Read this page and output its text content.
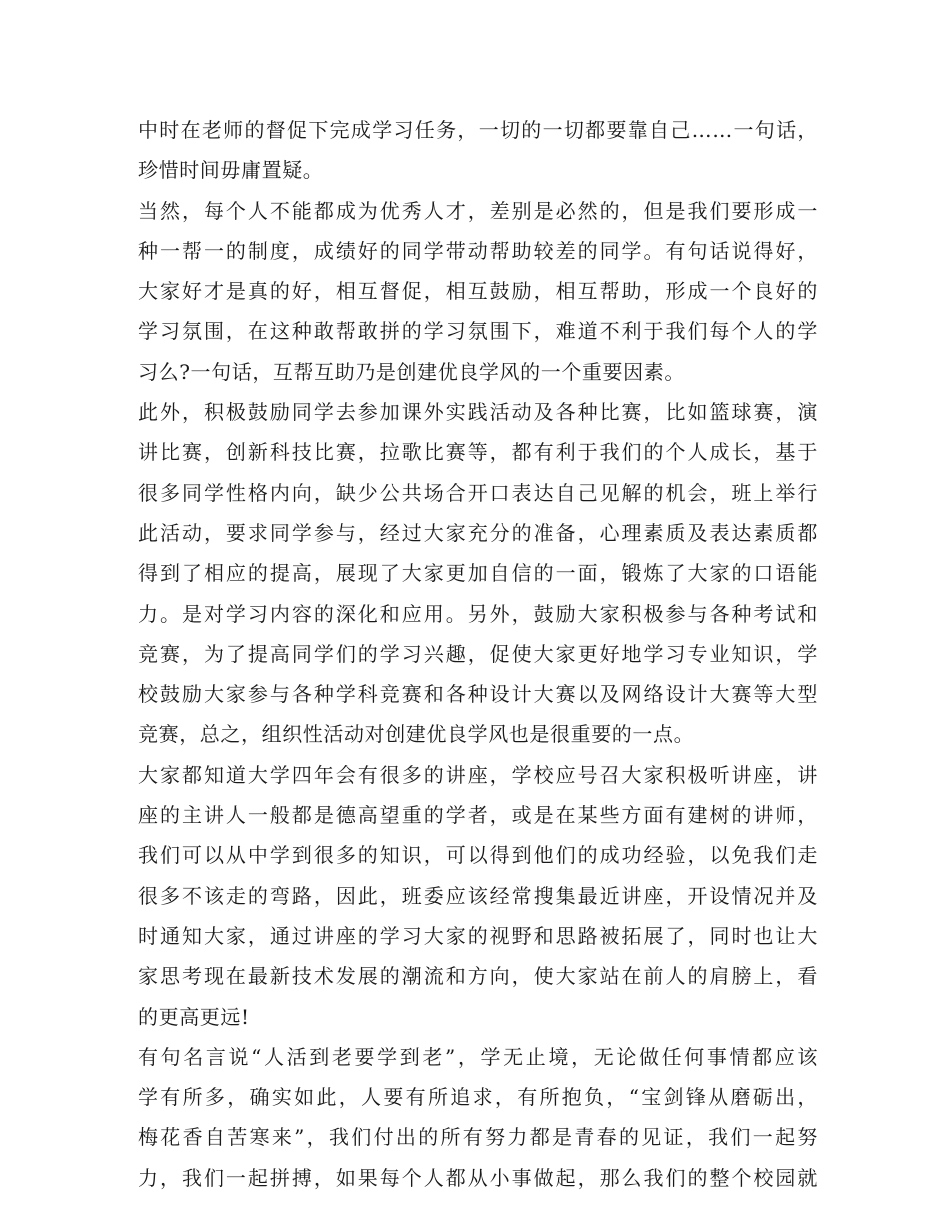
中时在老师的督促下完成学习任务，一切的一切都要靠自己……一句话，
珍惜时间毋庸置疑。
当然，每个人不能都成为优秀人才，差别是必然的，但是我们要形成一
种一帮一的制度，成绩好的同学带动帮助较差的同学。有句话说得好，
大家好才是真的好，相互督促，相互鼓励，相互帮助，形成一个良好的
学习氛围，在这种敢帮敢拼的学习氛围下，难道不利于我们每个人的学
习么?一句话，互帮互助乃是创建优良学风的一个重要因素。
此外，积极鼓励同学去参加课外实践活动及各种比赛，比如篮球赛，演
讲比赛，创新科技比赛，拉歌比赛等，都有利于我们的个人成长，基于
很多同学性格内向，缺少公共场合开口表达自己见解的机会，班上举行
此活动，要求同学参与，经过大家充分的准备，心理素质及表达素质都
得到了相应的提高，展现了大家更加自信的一面，锻炼了大家的口语能
力。是对学习内容的深化和应用。另外，鼓励大家积极参与各种考试和
竞赛，为了提高同学们的学习兴趣，促使大家更好地学习专业知识，学
校鼓励大家参与各种学科竞赛和各种设计大赛以及网络设计大赛等大型
竞赛，总之，组织性活动对创建优良学风也是很重要的一点。
大家都知道大学四年会有很多的讲座，学校应号召大家积极听讲座，讲
座的主讲人一般都是德高望重的学者，或是在某些方面有建树的讲师，
我们可以从中学到很多的知识，可以得到他们的成功经验，以免我们走
很多不该走的弯路，因此，班委应该经常搜集最近讲座，开设情况并及
时通知大家，通过讲座的学习大家的视野和思路被拓展了，同时也让大
家思考现在最新技术发展的潮流和方向，使大家站在前人的肩膀上，看
的更高更远!
有句名言说“人活到老要学到老”，学无止境，无论做任何事情都应该
学有所多，确实如此，人要有所追求，有所抱负，“宝剑锋从磨砺出，
梅花香自苦寒来”，我们付出的所有努力都是青春的见证，我们一起努
力，我们一起拼搏，如果每个人都从小事做起，那么我们的整个校园就
